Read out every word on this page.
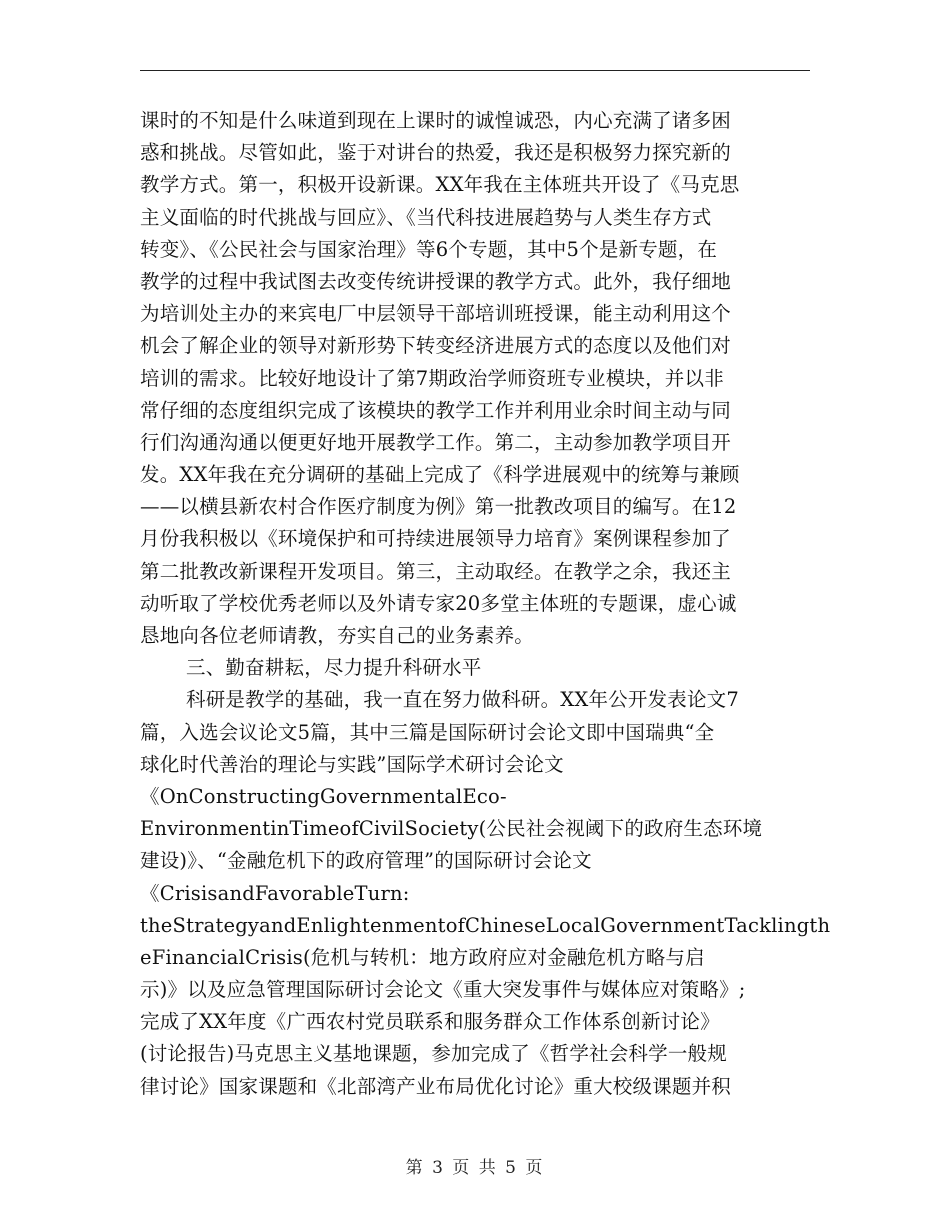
课时的不知是什么味道到现在上课时的诚惶诚恐，内心充满了诸多困
惑和挑战。尽管如此，鉴于对讲台的热爱，我还是积极努力探究新的
教学方式。第一，积极开设新课。XX年我在主体班共开设了《马克思
主义面临的时代挑战与回应》、《当代科技进展趋势与人类生存方式
转变》、《公民社会与国家治理》等6个专题，其中5个是新专题，在
教学的过程中我试图去改变传统讲授课的教学方式。此外，我仔细地
为培训处主办的来宾电厂中层领导干部培训班授课，能主动利用这个
机会了解企业的领导对新形势下转变经济进展方式的态度以及他们对
培训的需求。比较好地设计了第7期政治学师资班专业模块，并以非
常仔细的态度组织完成了该模块的教学工作并利用业余时间主动与同
行们沟通沟通以便更好地开展教学工作。第二，主动参加教学项目开
发。XX年我在充分调研的基础上完成了《科学进展观中的统筹与兼顾
——以横县新农村合作医疗制度为例》第一批教改项目的编写。在12
月份我积极以《环境保护和可持续进展领导力培育》案例课程参加了
第二批教改新课程开发项目。第三，主动取经。在教学之余，我还主
动听取了学校优秀老师以及外请专家20多堂主体班的专题课，虚心诚
恳地向各位老师请教，夯实自己的业务素养。
三、勤奋耕耘，尽力提升科研水平
科研是教学的基础，我一直在努力做科研。XX年公开发表论文7
篇，入选会议论文5篇，其中三篇是国际研讨会论文即中国瑞典“全
球化时代善治的理论与实践”国际学术研讨会论文
《OnConstructingGovernmentalEco-
EnvironmentinTimeofCivilSociety(公民社会视阈下的政府生态环境
建设)》、“金融危机下的政府管理”的国际研讨会论文
《CrisisandFavorableTurn:
theStrategyandEnlightenmentofChineseLocalGovernmentTacklingth
eFinancialCrisis(危机与转机：地方政府应对金融危机方略与启
示)》以及应急管理国际研讨会论文《重大突发事件与媒体应对策略》;
完成了XX年度《广西农村党员联系和服务群众工作体系创新讨论》
(讨论报告)马克思主义基地课题，参加完成了《哲学社会科学一般规
律讨论》国家课题和《北部湾产业布局优化讨论》重大校级课题并积
第 3 页 共 5 页
